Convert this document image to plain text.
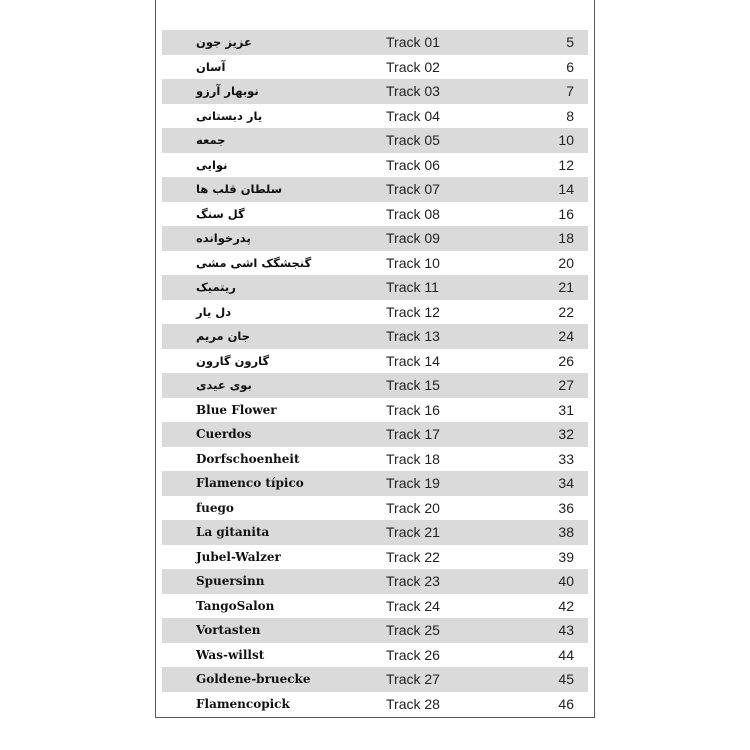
عزیز جون	Track 01	5
آسان	Track 02	6
نوبهار آرزو	Track 03	7
یار دبستانی	Track 04	8
جمعه	Track 05	10
نوایی	Track 06	12
سلطان قلب ها	Track 07	14
گل سنگ	Track 08	16
پدرخوانده	Track 09	18
گنجشگک اشی مشی	Track 10	20
ریتمیک	Track 11	21
دل یار	Track 12	22
جان مریم	Track 13	24
گارون گارون	Track 14	26
بوی عیدی	Track 15	27
Blue Flower	Track 16	31
Cuerdos	Track 17	32
Dorfschoenheit	Track 18	33
Flamenco típico	Track 19	34
fuego	Track 20	36
La gitanita	Track 21	38
Jubel-Walzer	Track 22	39
Spuersinn	Track 23	40
TangoSalon	Track 24	42
Vortasten	Track 25	43
Was-willst	Track 26	44
Goldene-bruecke	Track 27	45
Flamencopick	Track 28	46
